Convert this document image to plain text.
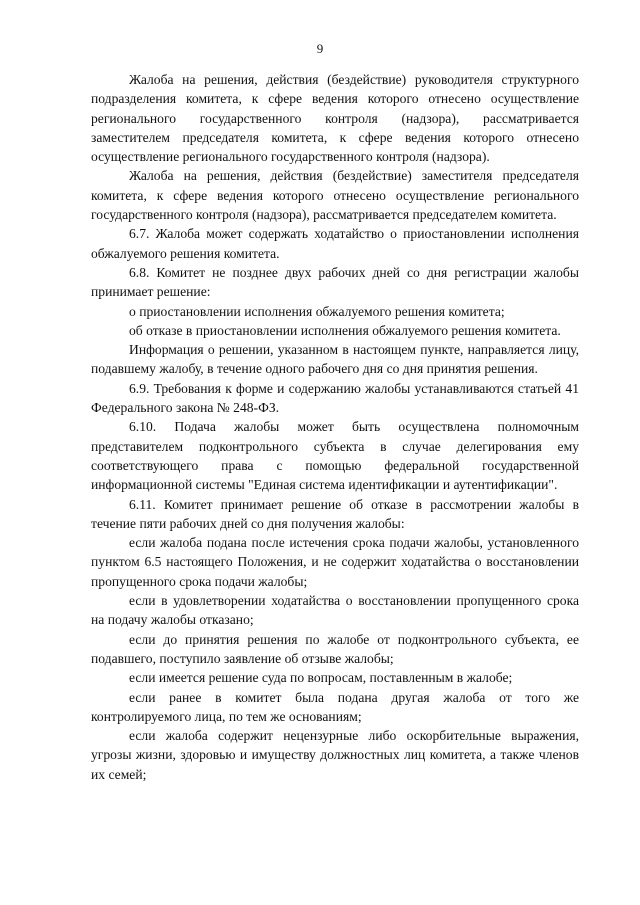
9

Жалоба на решения, действия (бездействие) руководителя структурного подразделения комитета, к сфере ведения которого отнесено осуществление регионального государственного контроля (надзора), рассматривается заместителем председателя комитета, к сфере ведения которого отнесено осуществление регионального государственного контроля (надзора).

Жалоба на решения, действия (бездействие) заместителя председателя комитета, к сфере ведения которого отнесено осуществление регионального государственного контроля (надзора), рассматривается председателем комитета.

6.7. Жалоба может содержать ходатайство о приостановлении исполнения обжалуемого решения комитета.

6.8. Комитет не позднее двух рабочих дней со дня регистрации жалобы принимает решение:

о приостановлении исполнения обжалуемого решения комитета;

об отказе в приостановлении исполнения обжалуемого решения комитета.

Информация о решении, указанном в настоящем пункте, направляется лицу, подавшему жалобу, в течение одного рабочего дня со дня принятия решения.

6.9. Требования к форме и содержанию жалобы устанавливаются статьей 41 Федерального закона № 248-ФЗ.

6.10. Подача жалобы может быть осуществлена полномочным представителем подконтрольного субъекта в случае делегирования ему соответствующего права с помощью федеральной государственной информационной системы "Единая система идентификации и аутентификации".

6.11. Комитет принимает решение об отказе в рассмотрении жалобы в течение пяти рабочих дней со дня получения жалобы:

если жалоба подана после истечения срока подачи жалобы, установленного пунктом 6.5 настоящего Положения, и не содержит ходатайства о восстановлении пропущенного срока подачи жалобы;

если в удовлетворении ходатайства о восстановлении пропущенного срока на подачу жалобы отказано;

если до принятия решения по жалобе от подконтрольного субъекта, ее подавшего, поступило заявление об отзыве жалобы;

если имеется решение суда по вопросам, поставленным в жалобе;

если ранее в комитет была подана другая жалоба от того же контролируемого лица, по тем же основаниям;

если жалоба содержит нецензурные либо оскорбительные выражения, угрозы жизни, здоровью и имуществу должностных лиц комитета, а также членов их семей;
